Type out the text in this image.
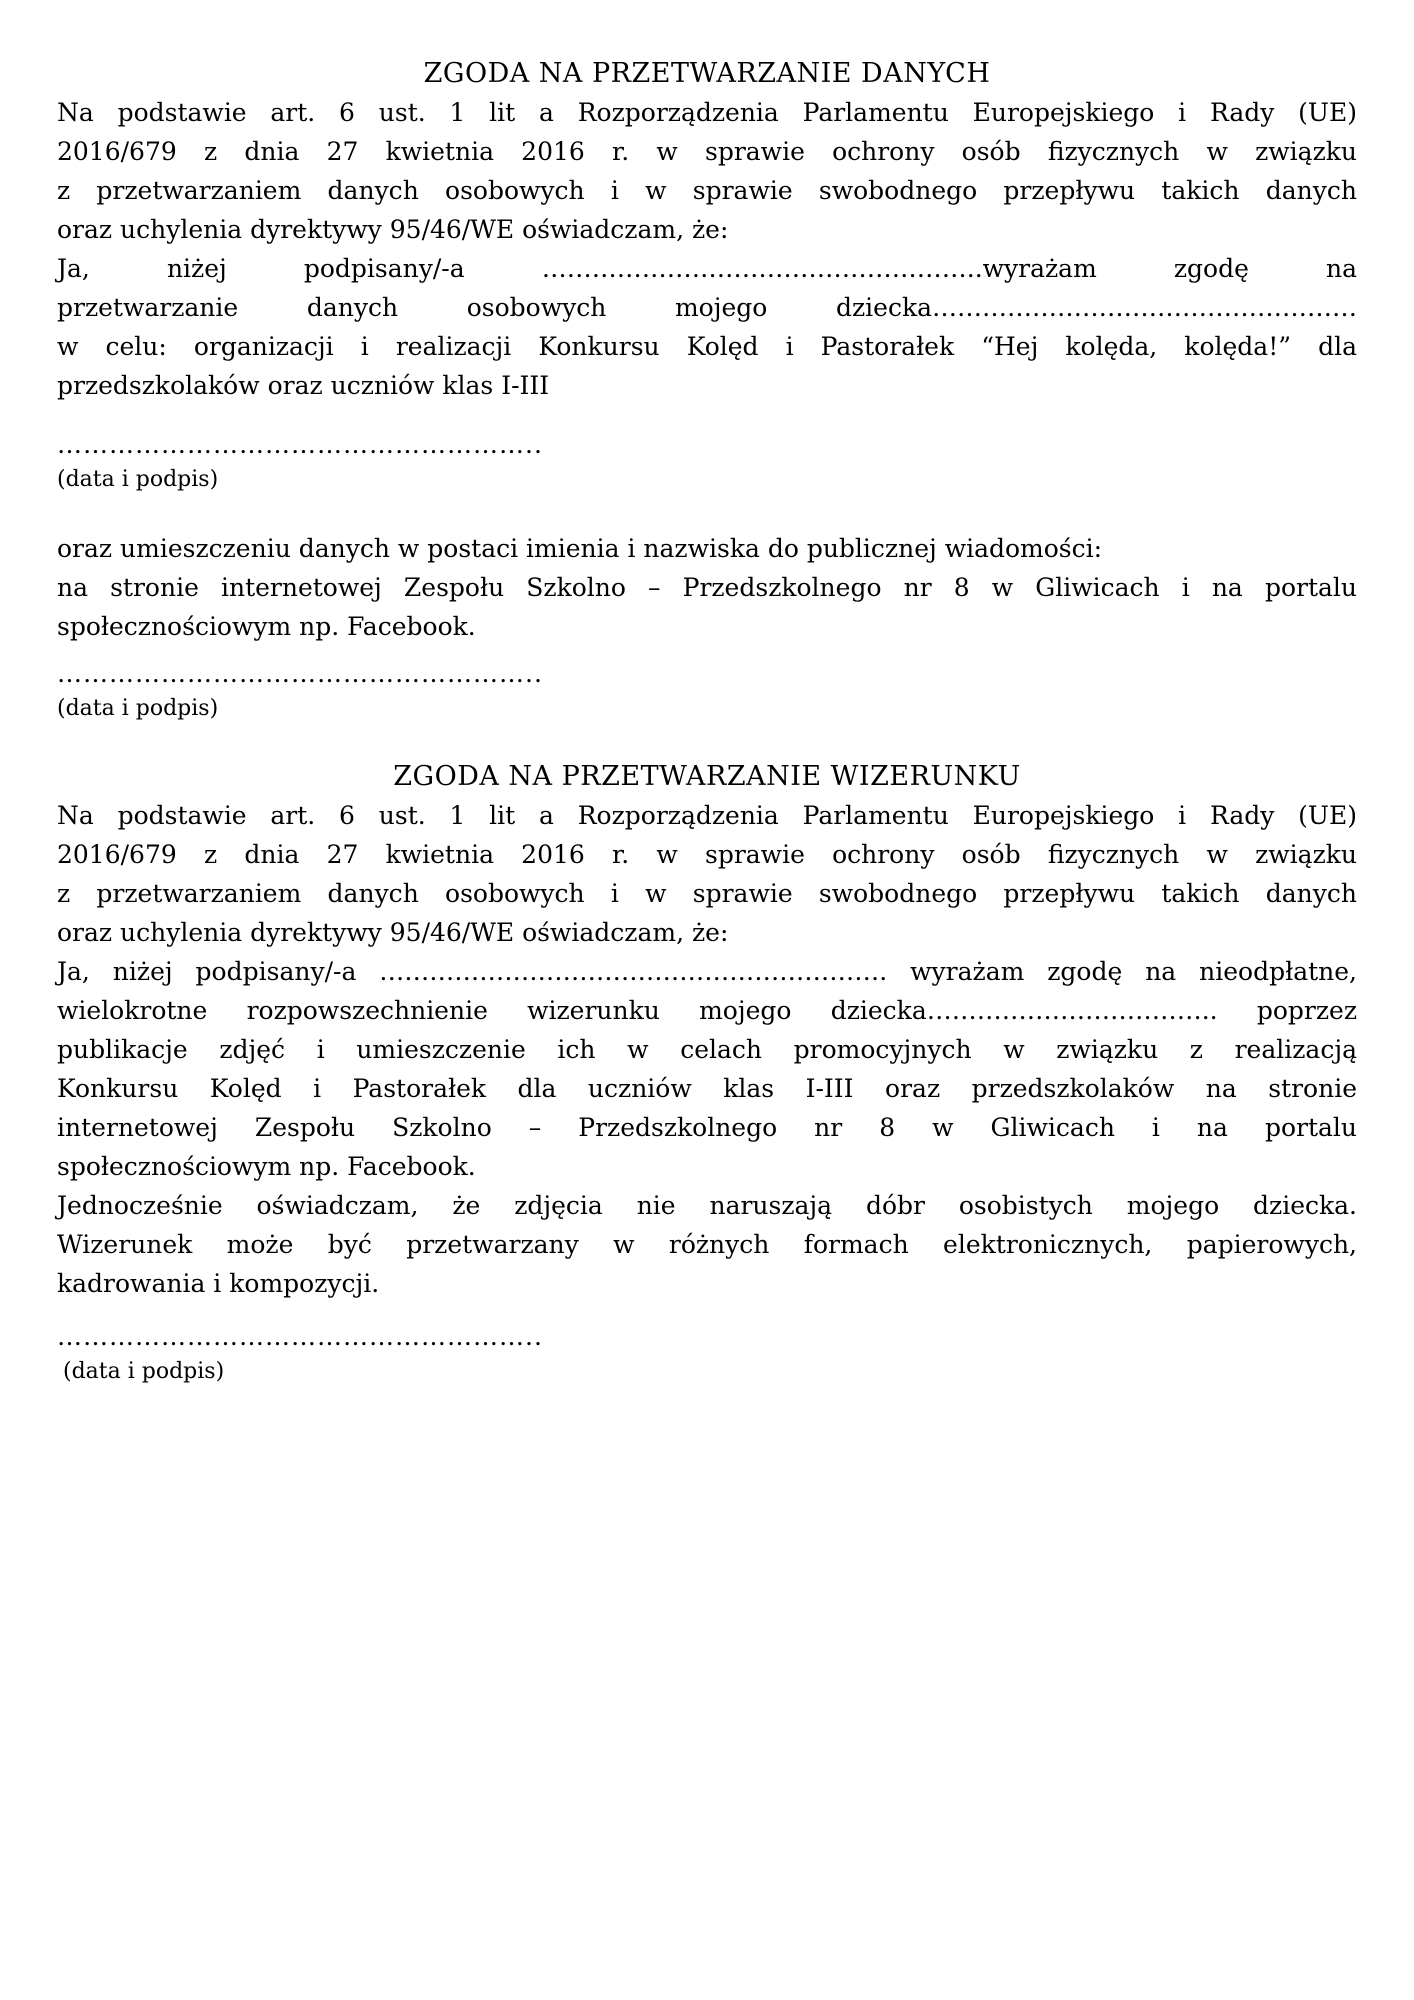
ZGODA NA PRZETWARZANIE DANYCH
Na podstawie art. 6 ust. 1 lit a Rozporządzenia Parlamentu Europejskiego i Rady (UE)
2016/679 z dnia 27 kwietnia 2016 r. w sprawie ochrony osób fizycznych w związku
z przetwarzaniem danych osobowych i w sprawie swobodnego przepływu takich danych
oraz uchylenia dyrektywy 95/46/WE oświadczam, że:
Ja, niżej podpisany/-a ……………………………………………..wyrażam zgodę na
przetwarzanie danych osobowych mojego dziecka……………………………………………
w celu: organizacji i realizacji Konkursu Kolęd i Pastorałek “Hej kolęda, kolęda!” dla
przedszkolaków oraz uczniów klas I-III
………………………………………………..
(data i podpis)
oraz umieszczeniu danych w postaci imienia i nazwiska do publicznej wiadomości:
na stronie internetowej Zespołu Szkolno – Przedszkolnego nr 8 w Gliwicach i na portalu
społecznościowym np. Facebook.
………………………………………………..
(data i podpis)
ZGODA NA PRZETWARZANIE WIZERUNKU
Na podstawie art. 6 ust. 1 lit a Rozporządzenia Parlamentu Europejskiego i Rady (UE)
2016/679 z dnia 27 kwietnia 2016 r. w sprawie ochrony osób fizycznych w związku
z przetwarzaniem danych osobowych i w sprawie swobodnego przepływu takich danych
oraz uchylenia dyrektywy 95/46/WE oświadczam, że:
Ja, niżej podpisany/-a ……………………………………………………. wyrażam zgodę na nieodpłatne,
wielokrotne rozpowszechnienie wizerunku mojego dziecka…………………………….. poprzez
publikacje zdjęć i umieszczenie ich w celach promocyjnych w związku z realizacją
Konkursu Kolęd i Pastorałek dla uczniów klas I-III oraz przedszkolaków na stronie
internetowej Zespołu Szkolno – Przedszkolnego nr 8 w Gliwicach i na portalu
społecznościowym np. Facebook.
Jednocześnie oświadczam, że zdjęcia nie naruszają dóbr osobistych mojego dziecka.
Wizerunek może być przetwarzany w różnych formach elektronicznych, papierowych,
kadrowania i kompozycji.
………………………………………………..
(data i podpis)
